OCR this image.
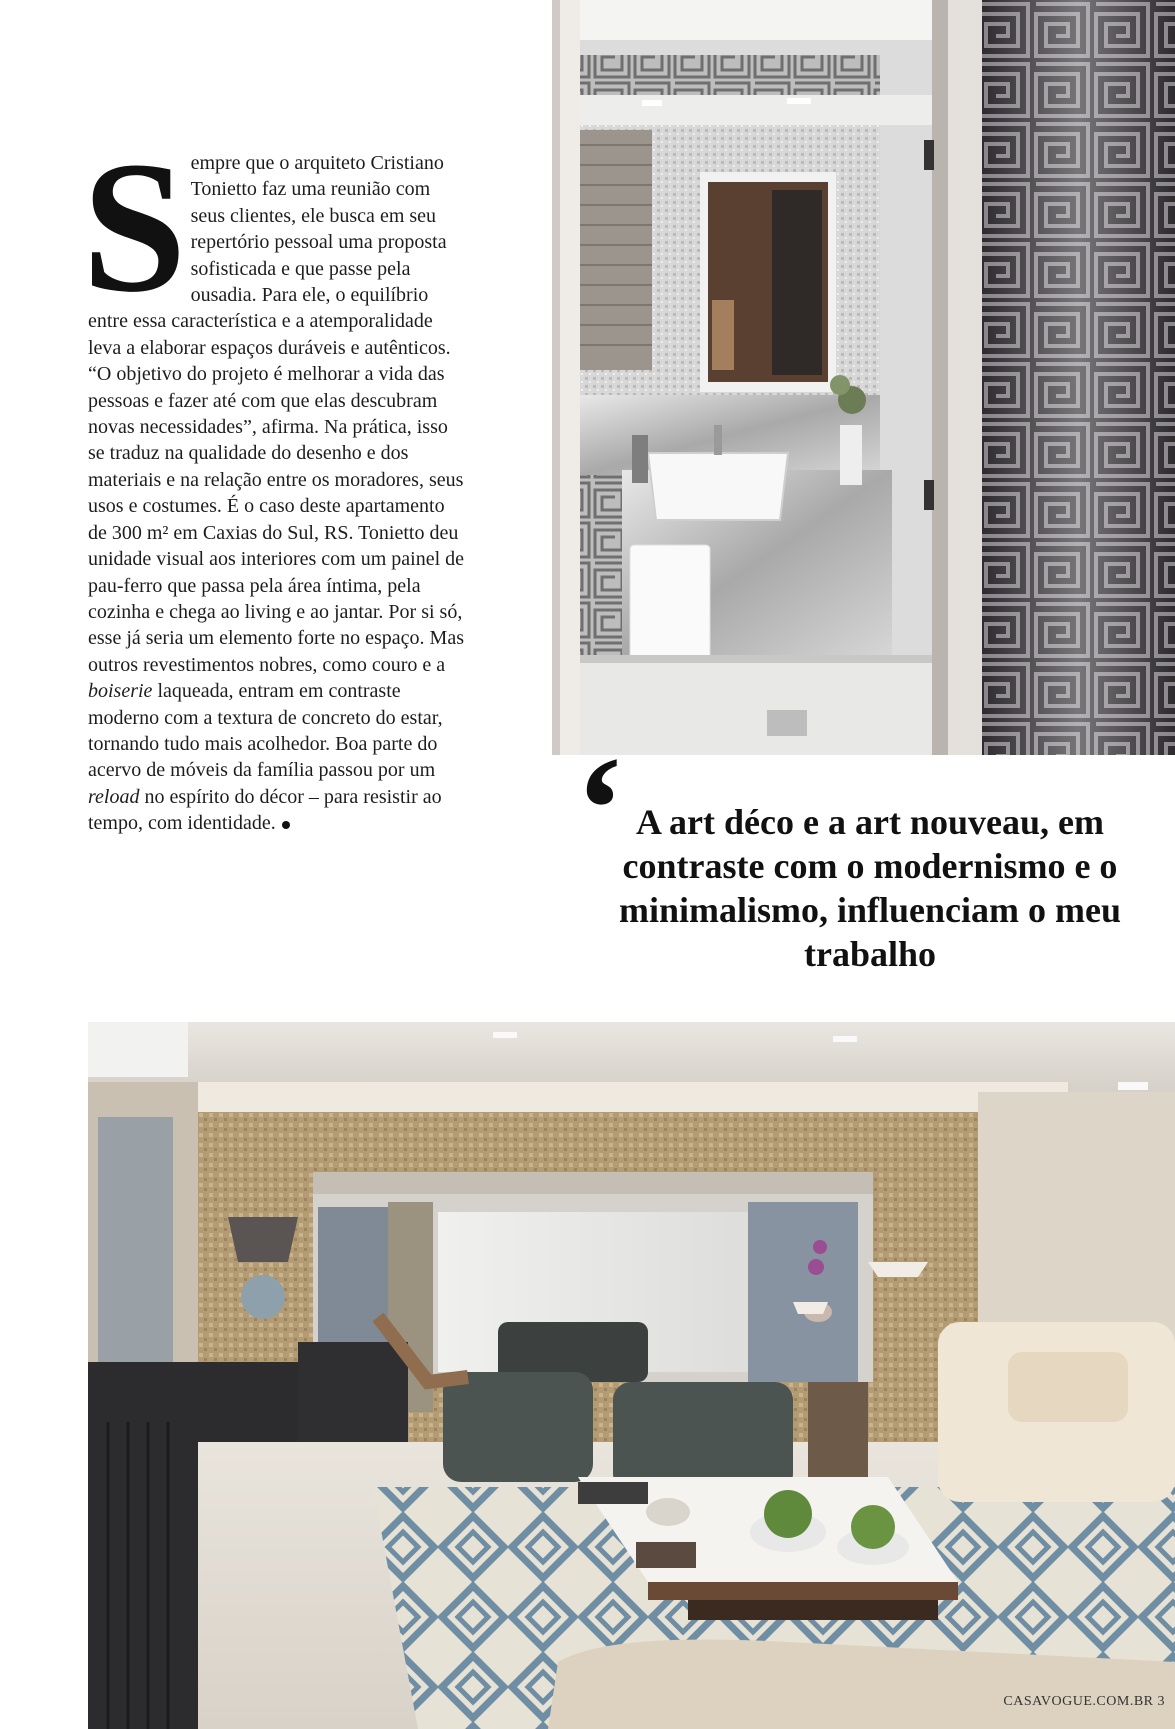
S empre que o arquiteto Cristiano Tonietto faz uma reunião com seus clientes, ele busca em seu repertório pessoal uma proposta sofisticada e que passe pela ousadia. Para ele, o equilíbrio entre essa característica e a atemporalidade leva a elaborar espaços duráveis e autênticos. “O objetivo do projeto é melhorar a vida das pessoas e fazer até com que elas descubram novas necessidades”, afirma. Na prática, isso se traduz na qualidade do desenho e dos materiais e na relação entre os moradores, seus usos e costumes. É o caso deste apartamento de 300 m² em Caxias do Sul, RS. Tonietto deu unidade visual aos interiores com um painel de pau-ferro que passa pela área íntima, pela cozinha e chega ao living e ao jantar. Por si só, esse já seria um elemento forte no espaço. Mas outros revestimentos nobres, como couro e a boiserie laqueada, entram em contraste moderno com a textura de concreto do estar, tornando tudo mais acolhedor. Boa parte do acervo de móveis da família passou por um reload no espírito do décor – para resistir ao tempo, com identidade.	‘ A art déco e a art nouveau, em contraste com o modernismo e o minimalismo, influenciam o meu trabalho
CASAVOGUE.COM.BR 3
